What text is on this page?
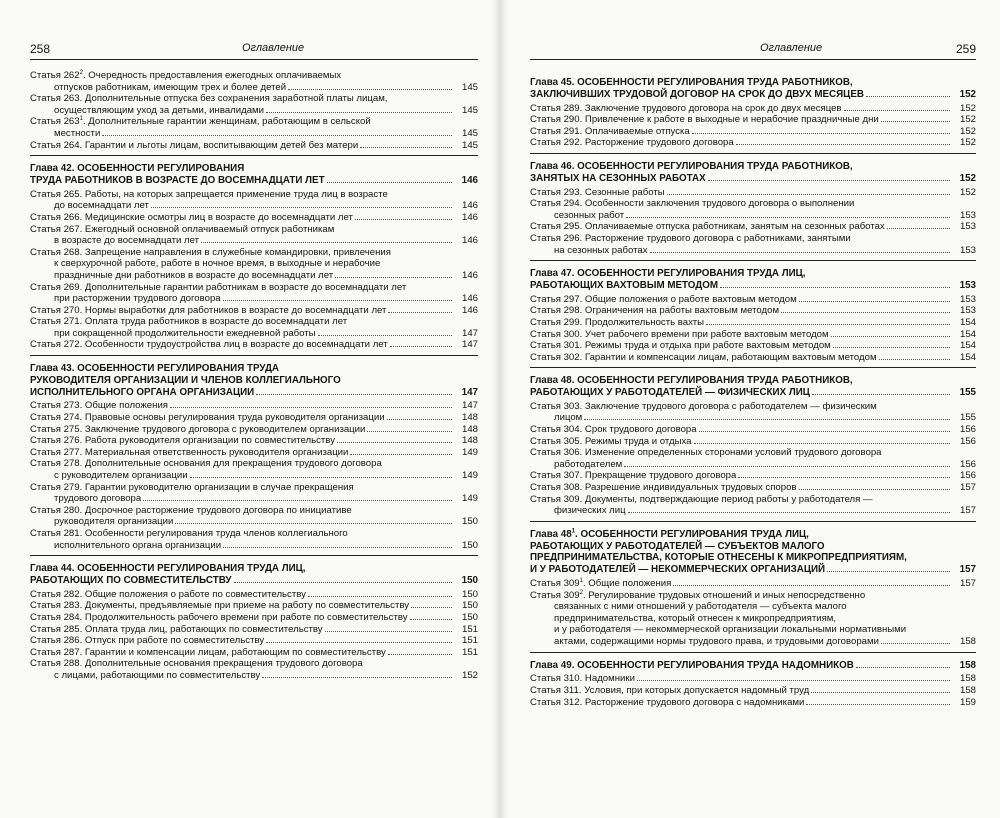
258	Оглавление
Статья $262^2$. Очередность предоставления ежегодных оплачиваемых
отпусков работникам, имеющим трех и более детей	145
Статья 263. Дополнительные отпуска без сохранения заработной платы лицам,
осуществляющим уход за детьми, инвалидами	145
Статья $263^1$. Дополнительные гарантии женщинам, работающим в сельской
местности	145
Статья 264. Гарантии и льготы лицам, воспитывающим детей без матери	145
Глава 42. ОСОБЕННОСТИ РЕГУЛИРОВАНИЯ
ТРУДА РАБОТНИКОВ В ВОЗРАСТЕ ДО ВОСЕМНАДЦАТИ ЛЕТ	146
Статья 265. Работы, на которых запрещается применение труда лиц в возрасте
до восемнадцати лет	146
Статья 266. Медицинские осмотры лиц в возрасте до восемнадцати лет	146
Статья 267. Ежегодный основной оплачиваемый отпуск работникам
в возрасте до восемнадцати лет	146
Статья 268. Запрещение направления в служебные командировки, привлечения
к сверхурочной работе, работе в ночное время, в выходные и нерабочие
праздничные дни работников в возрасте до восемнадцати лет	146
Статья 269. Дополнительные гарантии работникам в возрасте до восемнадцати лет
при расторжении трудового договора	146
Статья 270. Нормы выработки для работников в возрасте до восемнадцати лет	146
Статья 271. Оплата труда работников в возрасте до восемнадцати лет
при сокращенной продолжительности ежедневной работы	147
Статья 272. Особенности трудоустройства лиц в возрасте до восемнадцати лет	147
Глава 43. ОСОБЕННОСТИ РЕГУЛИРОВАНИЯ ТРУДА
РУКОВОДИТЕЛЯ ОРГАНИЗАЦИИ И ЧЛЕНОВ КОЛЛЕГИАЛЬНОГО
ИСПОЛНИТЕЛЬНОГО ОРГАНА ОРГАНИЗАЦИИ	147
Статья 273. Общие положения	147
Статья 274. Правовые основы регулирования труда руководителя организации	148
Статья 275. Заключение трудового договора с руководителем организации	148
Статья 276. Работа руководителя организации по совместительству	148
Статья 277. Материальная ответственность руководителя организации	149
Статья 278. Дополнительные основания для прекращения трудового договора
с руководителем организации	149
Статья 279. Гарантии руководителю организации в случае прекращения
трудового договора	149
Статья 280. Досрочное расторжение трудового договора по инициативе
руководителя организации	150
Статья 281. Особенности регулирования труда членов коллегиального
исполнительного органа организации	150
Глава 44. ОСОБЕННОСТИ РЕГУЛИРОВАНИЯ ТРУДА ЛИЦ,
РАБОТАЮЩИХ ПО СОВМЕСТИТЕЛЬСТВУ	150
Статья 282. Общие положения о работе по совместительству	150
Статья 283. Документы, предъявляемые при приеме на работу по совместительству	150
Статья 284. Продолжительность рабочего времени при работе по совместительству	150
Статья 285. Оплата труда лиц, работающих по совместительству	151
Статья 286. Отпуск при работе по совместительству	151
Статья 287. Гарантии и компенсации лицам, работающим по совместительству	151
Статья 288. Дополнительные основания прекращения трудового договора
с лицами, работающими по совместительству	152
Оглавление	259
Глава 45. ОСОБЕННОСТИ РЕГУЛИРОВАНИЯ ТРУДА РАБОТНИКОВ,
ЗАКЛЮЧИВШИХ ТРУДОВОЙ ДОГОВОР НА СРОК ДО ДВУХ МЕСЯЦЕВ	152
Статья 289. Заключение трудового договора на срок до двух месяцев	152
Статья 290. Привлечение к работе в выходные и нерабочие праздничные дни	152
Статья 291. Оплачиваемые отпуска	152
Статья 292. Расторжение трудового договора	152
Глава 46. ОСОБЕННОСТИ РЕГУЛИРОВАНИЯ ТРУДА РАБОТНИКОВ,
ЗАНЯТЫХ НА СЕЗОННЫХ РАБОТАХ	152
Статья 293. Сезонные работы	152
Статья 294. Особенности заключения трудового договора о выполнении
сезонных работ	153
Статья 295. Оплачиваемые отпуска работникам, занятым на сезонных работах	153
Статья 296. Расторжение трудового договора с работниками, занятыми
на сезонных работах	153
Глава 47. ОСОБЕННОСТИ РЕГУЛИРОВАНИЯ ТРУДА ЛИЦ,
РАБОТАЮЩИХ ВАХТОВЫМ МЕТОДОМ	153
Статья 297. Общие положения о работе вахтовым методом	153
Статья 298. Ограничения на работы вахтовым методом	153
Статья 299. Продолжительность вахты	154
Статья 300. Учет рабочего времени при работе вахтовым методом	154
Статья 301. Режимы труда и отдыха при работе вахтовым методом	154
Статья 302. Гарантии и компенсации лицам, работающим вахтовым методом	154
Глава 48. ОСОБЕННОСТИ РЕГУЛИРОВАНИЯ ТРУДА РАБОТНИКОВ,
РАБОТАЮЩИХ У РАБОТОДАТЕЛЕЙ — ФИЗИЧЕСКИХ ЛИЦ	155
Статья 303. Заключение трудового договора с работодателем — физическим
лицом	155
Статья 304. Срок трудового договора	156
Статья 305. Режимы труда и отдыха	156
Статья 306. Изменение определенных сторонами условий трудового договора
работодателем	156
Статья 307. Прекращение трудового договора	156
Статья 308. Разрешение индивидуальных трудовых споров	157
Статья 309. Документы, подтверждающие период работы у работодателя —
физических лиц	157
Глава $48^1$. ОСОБЕННОСТИ РЕГУЛИРОВАНИЯ ТРУДА ЛИЦ,
РАБОТАЮЩИХ У РАБОТОДАТЕЛЕЙ — СУБЪЕКТОВ МАЛОГО
ПРЕДПРИНИМАТЕЛЬСТВА, КОТОРЫЕ ОТНЕСЕНЫ К МИКРОПРЕДПРИЯТИЯМ,
И У РАБОТОДАТЕЛЕЙ — НЕКОММЕРЧЕСКИХ ОРГАНИЗАЦИЙ	157
Статья $309^1$. Общие положения	157
Статья $309^2$. Регулирование трудовых отношений и иных непосредственно
связанных с ними отношений у работодателя — субъекта малого
предпринимательства, который отнесен к микропредприятиям,
и у работодателя — некоммерческой организации локальными нормативными
актами, содержащими нормы трудового права, и трудовыми договорами	158
Глава 49. ОСОБЕННОСТИ РЕГУЛИРОВАНИЯ ТРУДА НАДОМНИКОВ	158
Статья 310. Надомники	158
Статья 311. Условия, при которых допускается надомный труд	158
Статья 312. Расторжение трудового договора с надомниками	159
